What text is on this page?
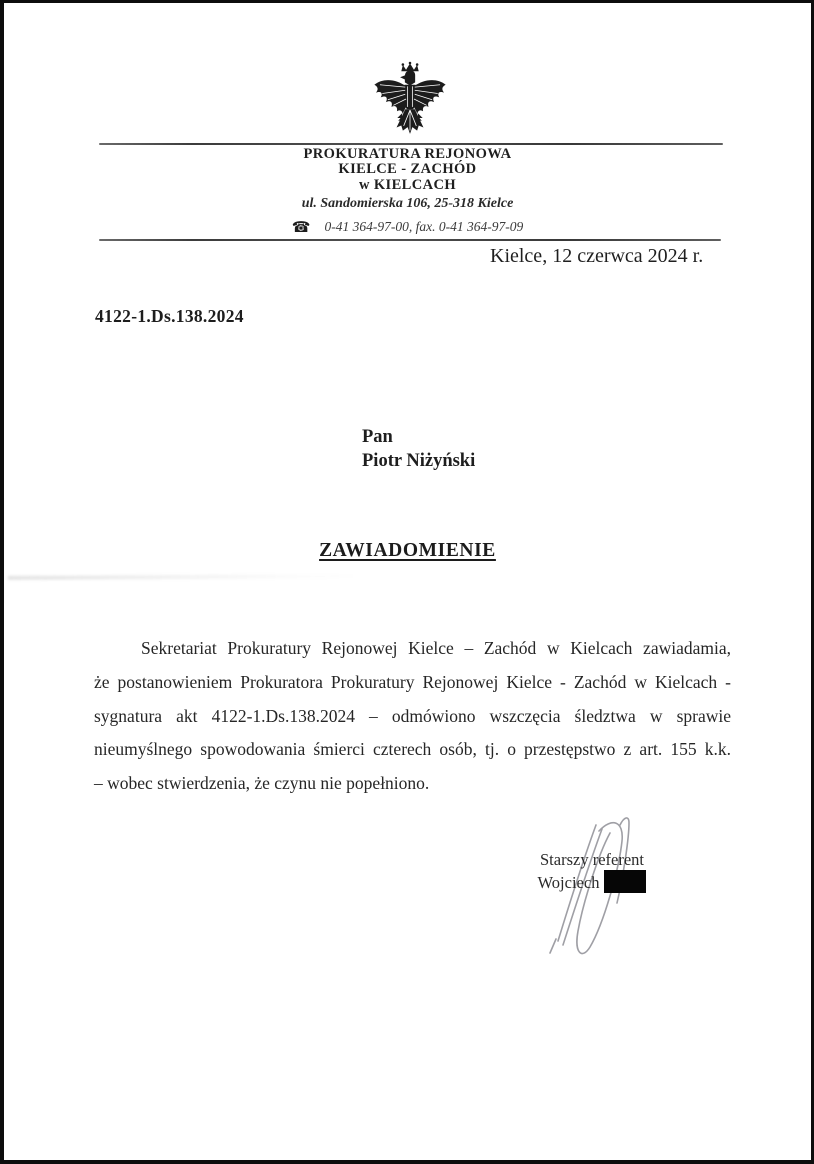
PROKURATURA REJONOWA
KIELCE - ZACHÓD
w KIELCACH
ul. Sandomierska 106, 25-318 Kielce
☎ 0-41 364-97-00, fax. 0-41 364-97-09
Kielce, 12 czerwca 2024 r.
4122-1.Ds.138.2024
Pan
Piotr Niżyński
ZAWIADOMIENIE
Sekretariat Prokuratury Rejonowej Kielce – Zachód w Kielcach zawiadamia,
że postanowieniem Prokuratora Prokuratury Rejonowej Kielce - Zachód w Kielcach -
sygnatura akt 4122-1.Ds.138.2024 – odmówiono wszczęcia śledztwa w sprawie
nieumyślnego spowodowania śmierci czterech osób, tj. o przestępstwo z art. 155 k.k.
– wobec stwierdzenia, że czynu nie popełniono.
Starszy referent
Wojciech
